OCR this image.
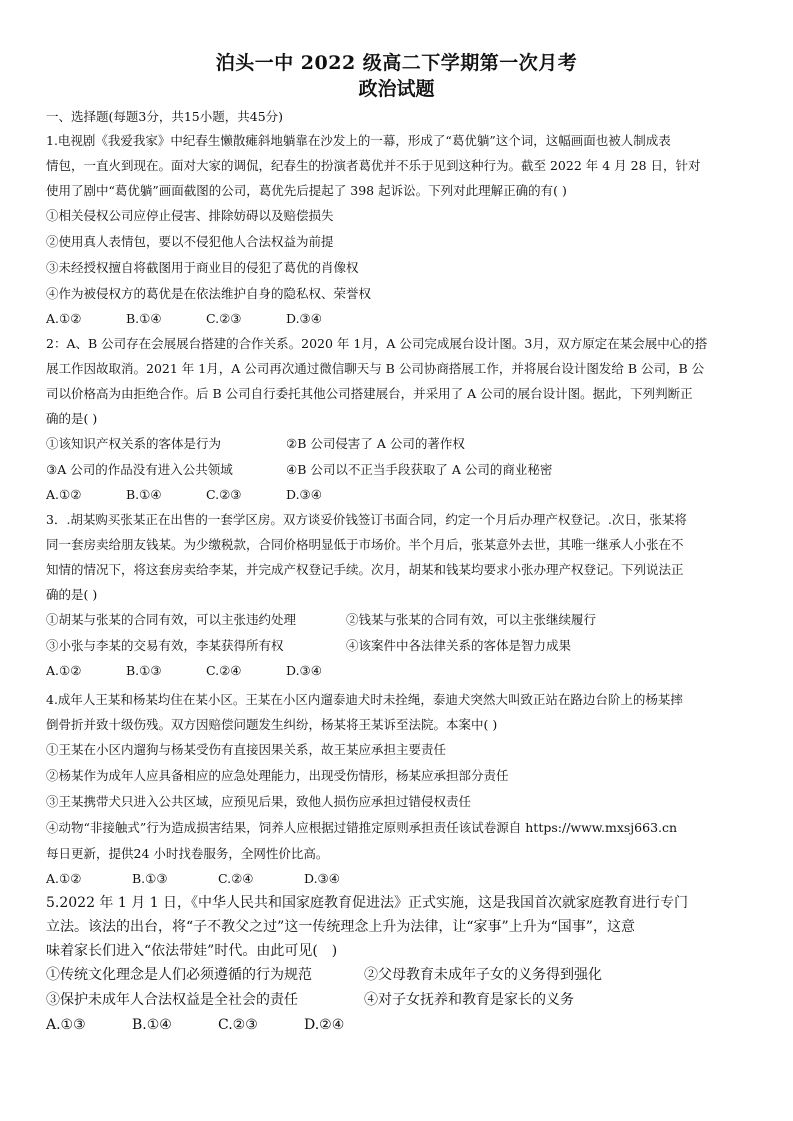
泊头一中 2022 级高二下学期第一次月考
政治试题
一、选择题(每题3分，共15小题，共45分)

1.电视剧《我爱我家》中纪春生懒散瘫斜地躺靠在沙发上的一幕，形成了“葛优躺”这个词，这幅画面也被人制成表

情包，一直火到现在。面对大家的调侃，纪春生的扮演者葛优并不乐于见到这种行为。截至 2022 年 4 月 28 日，针对

使用了剧中“葛优躺”画面截图的公司，葛优先后提起了 398 起诉讼。下列对此理解正确的有( )

①相关侵权公司应停止侵害、排除妨碍以及赔偿损失

②使用真人表情包，要以不侵犯他人合法权益为前提

③未经授权擅自将截图用于商业目的侵犯了葛优的肖像权

④作为被侵权方的葛优是在依法维护自身的隐私权、荣誉权

A.①②	B.①④	C.②③	D.③④

2：A、B 公司存在会展展台搭建的合作关系。2020 年 1月，A 公司完成展台设计图。3月，双方原定在某会展中心的搭

展工作因故取消。2021 年 1月，A 公司再次通过微信聊天与 B 公司协商搭展工作，并将展台设计图发给 B 公司，B 公

司以价格高为由拒绝合作。后 B 公司自行委托其他公司搭建展台，并采用了 A 公司的展台设计图。据此，下列判断正

确的是( )

①该知识产权关系的客体是行为	②B 公司侵害了 A 公司的著作权
③A 公司的作品没有进入公共领域	④B 公司以不正当手段获取了 A 公司的商业秘密
A.①②	B.①④	C.②③	D.③④

3．.胡某购买张某正在出售的一套学区房。双方谈妥价钱签订书面合同，约定一个月后办理产权登记。.次日，张某将

同一套房卖给朋友钱某。为少缴税款，合同价格明显低于市场价。半个月后，张某意外去世，其唯一继承人小张在不

知情的情况下，将这套房卖给李某，并完成产权登记手续。次月，胡某和钱某均要求小张办理产权登记。下列说法正

确的是( )

①胡某与张某的合同有效，可以主张违约处理	②钱某与张某的合同有效，可以主张继续履行
③小张与李某的交易有效，李某获得所有权	④该案件中各法律关系的客体是智力成果
A.①②	B.①③	C.②④	D.③④

4.成年人王某和杨某均住在某小区。王某在小区内遛泰迪犬时未拴绳，泰迪犬突然大叫致正站在路边台阶上的杨某摔

倒骨折并致十级伤残。双方因赔偿问题发生纠纷，杨某将王某诉至法院。本案中( )

①王某在小区内遛狗与杨某受伤有直接因果关系，故王某应承担主要责任

②杨某作为成年人应具备相应的应急处理能力，出现受伤情形，杨某应承担部分责任

③王某携带犬只进入公共区域，应预见后果，致他人损伤应承担过错侵权责任

④动物“非接触式”行为造成损害结果，饲养人应根据过错推定原则承担责任该试卷源自 https://www.mxsj663.cn

每日更新，提供24 小时找卷服务，全网性价比高。

A.①②	B.①③	C.②④	D.③④

5.2022 年 1 月 1 日，《中华人民共和国家庭教育促进法》正式实施，这是我国首次就家庭教育进行专门

立法。该法的出台，将“子不教父之过”这一传统理念上升为法律，让“家事”上升为“国事”，这意

味着家长们进入“依法带娃”时代。由此可见(　)

①传统文化理念是人们必须遵循的行为规范	②父母教育未成年子女的义务得到强化
③保护未成年人合法权益是全社会的责任	④对子女抚养和教育是家长的义务
A.①③	B.①④	C.②③	D.②④
